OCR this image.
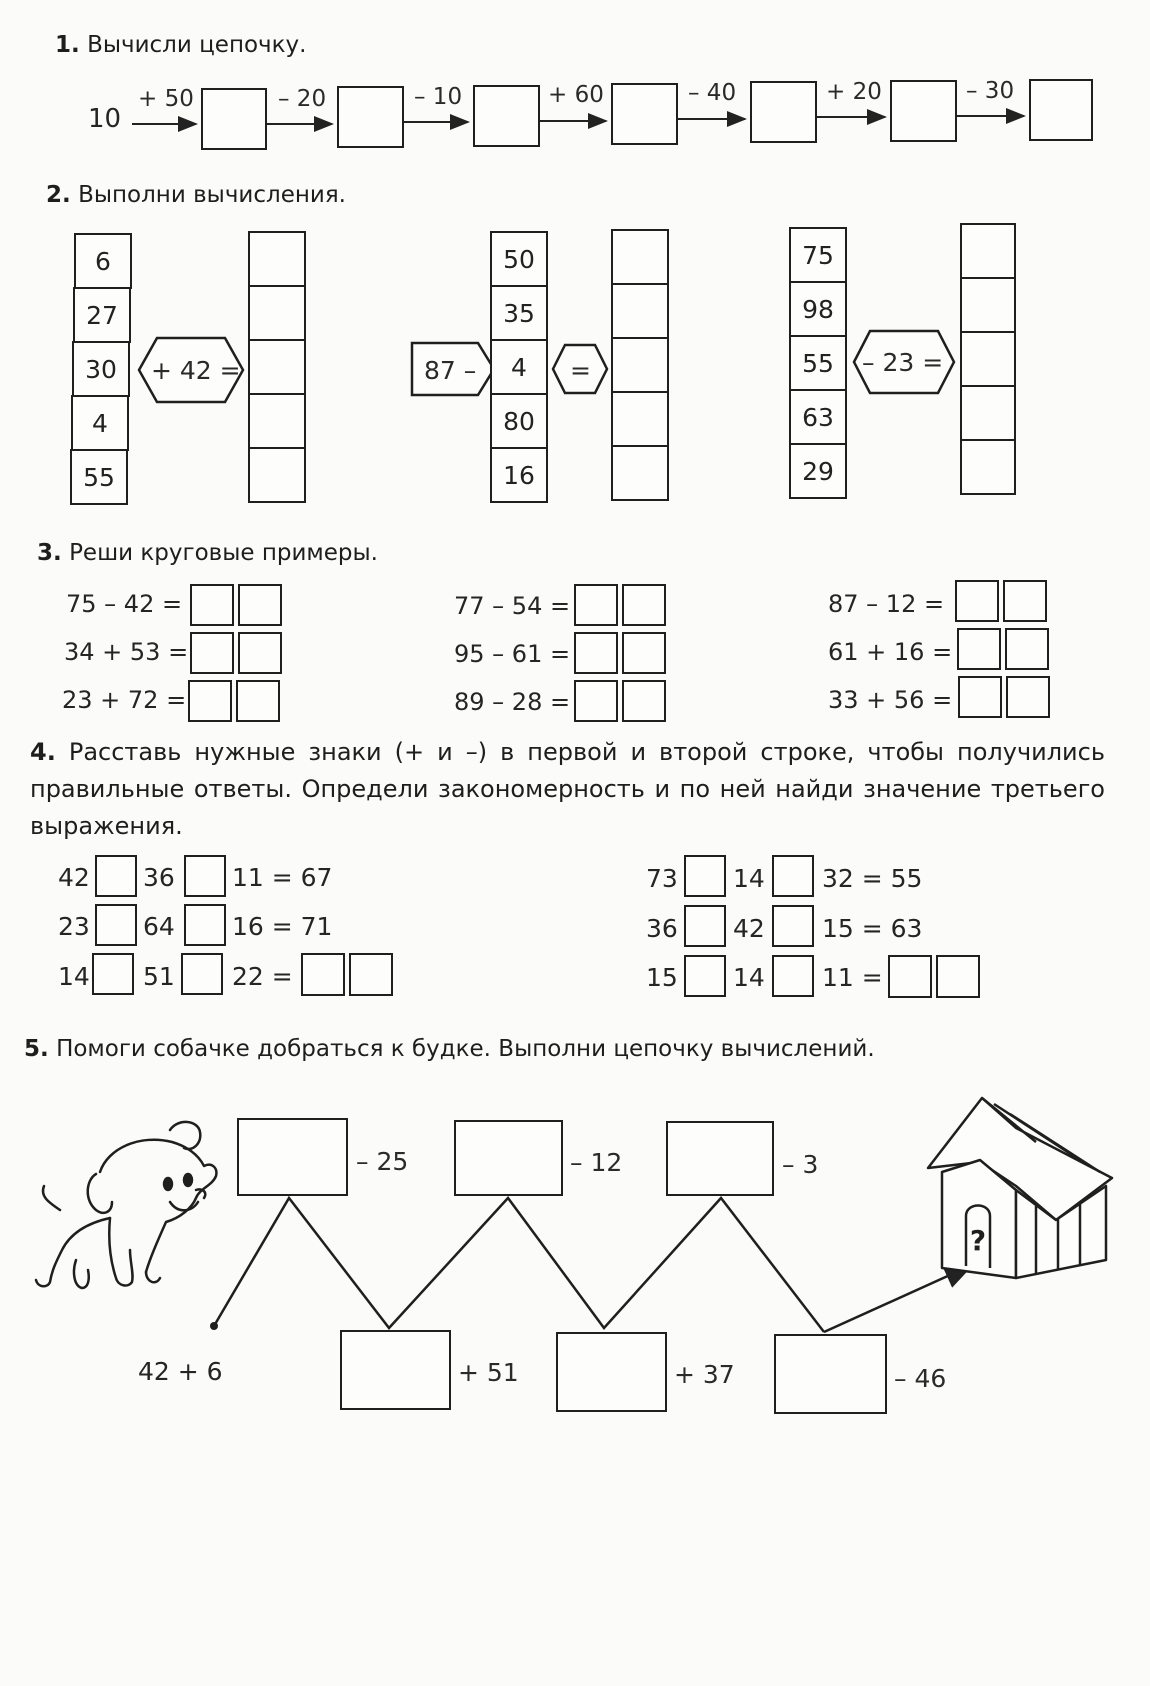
1. Вычисли цепочку.
10
+ 50	– 20	– 10	+ 60	– 40	+ 20	– 30
2. Выполни вычисления.
6
27
30
4
55
+ 42 =	87 –
50
35
4
80
16
=
75
98
55
63
29
– 23 =
3. Реши круговые примеры.
75 – 42 =
34 + 53 =
23 + 72 =
77 – 54 =
95 – 61 =
89 – 28 =
87 – 12 =
61 + 16 =
33 + 56 =
4. Расставь нужные знаки (+ и –) в первой и второй строке, чтобы получились правильные ответы. Определи закономерность и по ней найди значение третьего выражения.
42 36 11 = 67
23 64 16 = 71
14 51 22 =
73 14 32 = 55
36 42 15 = 63
15 14 11 =
5. Помоги собачке добраться к будке. Выполни цепочку вычислений.
?
– 25	– 12	– 3
+ 51	+ 37	– 46
42 + 6
